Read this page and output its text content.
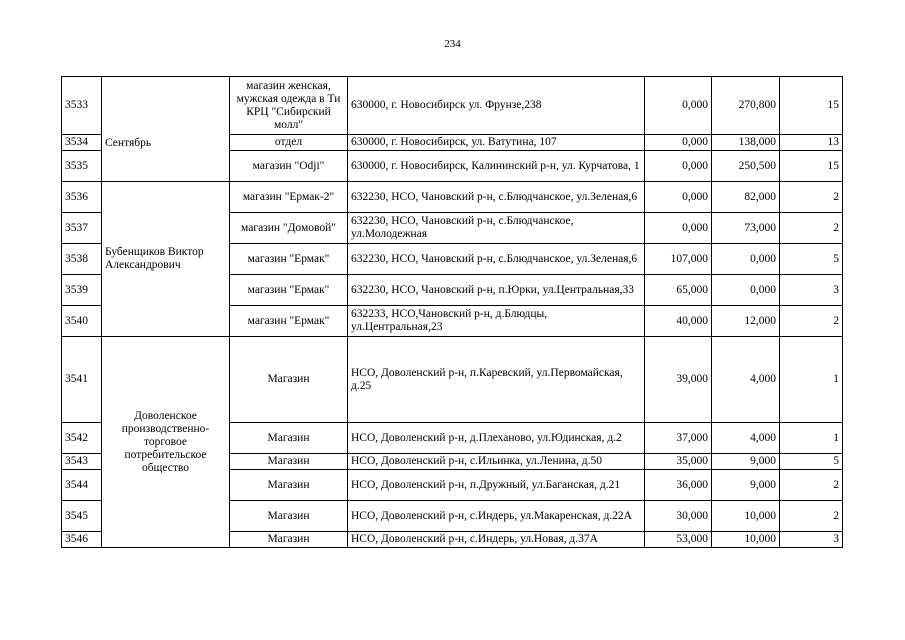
234
3533	Сентябрь	магазин женская, мужская одежда в Ти КРЦ "Сибирский молл"	630000, г. Новосибирск ул. Фрунзе,238	0,000	270,800	15
3534		отдел	630000, г. Новосибирск, ул. Ватутина, 107	0,000	138,000	13
3535		магазин "Odji"	630000, г. Новосибирск, Калининский р-н, ул. Курчатова, 1	0,000	250,500	15
3536	Бубенщиков Виктор Александрович	магазин "Ермак-2"	632230, НСО, Чановский р-н, с.Блюдчанское, ул.Зеленая,6	0,000	82,000	2
3537		магазин "Домовой"	632230, НСО, Чановский р-н, с.Блюдчанское, ул.Молодежная	0,000	73,000	2
3538		магазин "Ермак"	632230, НСО, Чановский р-н, с.Блюдчанское, ул.Зеленая,6	107,000	0,000	5
3539		магазин "Ермак"	632230, НСО, Чановский р-н, п.Юрки, ул.Центральная,33	65,000	0,000	3
3540		магазин "Ермак"	632233, НСО,Чановский р-н, д.Блюдцы, ул.Центральная,23	40,000	12,000	2
3541	Доволенское производственно-торговое потребительское общество	Магазин	НСО, Доволенский р-н, п.Каревский, ул.Первомайская, д.25	39,000	4,000	1
3542		Магазин	НСО, Доволенский р-н, д.Плеханово, ул.Юдинская, д.2	37,000	4,000	1
3543		Магазин	НСО, Доволенский р-н, с.Ильинка, ул.Ленина, д.50	35,000	9,000	5
3544		Магазин	НСО, Доволенский р-н, п.Дружный, ул.Баганская, д.21	36,000	9,000	2
3545		Магазин	НСО, Доволенский р-н, с.Индерь, ул.Макаренская, д.22А	30,000	10,000	2
3546		Магазин	НСО, Доволенский р-н, с.Индерь, ул.Новая, д.37А	53,000	10,000	3
